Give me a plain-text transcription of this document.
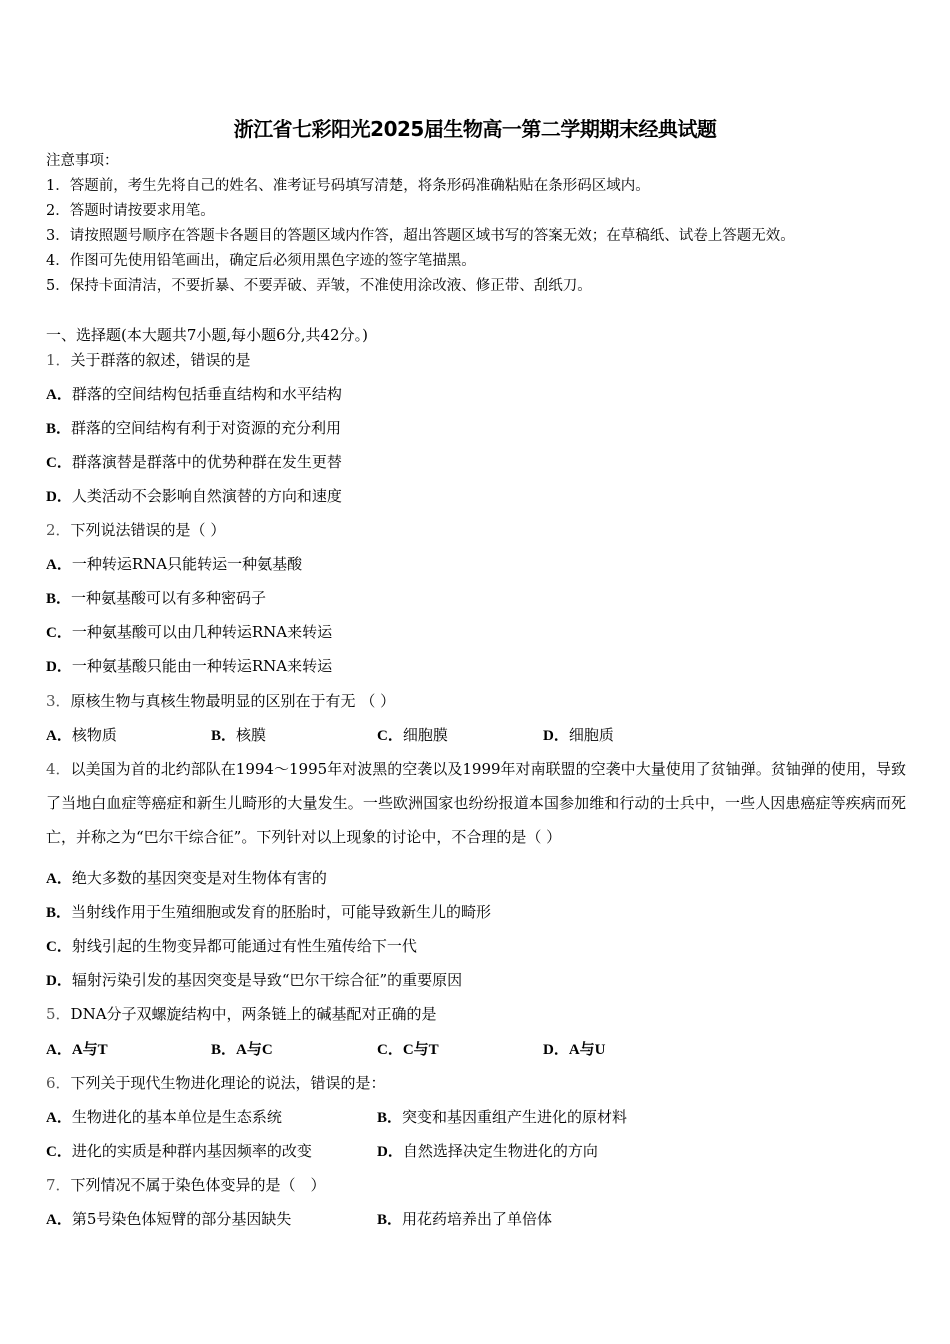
浙江省七彩阳光2025届生物高一第二学期期末经典试题
注意事项：
1．答题前，考生先将自己的姓名、准考证号码填写清楚，将条形码准确粘贴在条形码区域内。
2．答题时请按要求用笔。
3．请按照题号顺序在答题卡各题目的答题区域内作答，超出答题区域书写的答案无效；在草稿纸、试卷上答题无效。
4．作图可先使用铅笔画出，确定后必须用黑色字迹的签字笔描黑。
5．保持卡面清洁，不要折暴、不要弄破、弄皱，不准使用涂改液、修正带、刮纸刀。
一、选择题(本大题共7小题,每小题6分,共42分。)
1．关于群落的叙述，错误的是
A．群落的空间结构包括垂直结构和水平结构
B．群落的空间结构有利于对资源的充分利用
C．群落演替是群落中的优势种群在发生更替
D．人类活动不会影响自然演替的方向和速度
2．下列说法错误的是（ ）
A．一种转运RNA只能转运一种氨基酸
B．一种氨基酸可以有多种密码子
C．一种氨基酸可以由几种转运RNA来转运
D．一种氨基酸只能由一种转运RNA来转运
3．原核生物与真核生物最明显的区别在于有无 （ ）
A．核物质	B．核膜	C．细胞膜	D．细胞质
4．以美国为首的北约部队在1994～1995年对波黑的空袭以及1999年对南联盟的空袭中大量使用了贫铀弹。贫铀弹的使用，导致了当地白血症等癌症和新生儿畸形的大量发生。一些欧洲国家也纷纷报道本国参加维和行动的士兵中，一些人因患癌症等疾病而死亡，并称之为“巴尔干综合征”。下列针对以上现象的讨论中，不合理的是（ ）
A．绝大多数的基因突变是对生物体有害的
B．当射线作用于生殖细胞或发育的胚胎时，可能导致新生儿的畸形
C．射线引起的生物变异都可能通过有性生殖传给下一代
D．辐射污染引发的基因突变是导致“巴尔干综合征”的重要原因
5．DNA分子双螺旋结构中，两条链上的碱基配对正确的是
A．A与T	B．A与C	C．C与T	D．A与U
6．下列关于现代生物进化理论的说法，错误的是：
A．生物进化的基本单位是生态系统	B．突变和基因重组产生进化的原材料
C．进化的实质是种群内基因频率的改变	D．自然选择决定生物进化的方向
7．下列情况不属于染色体变异的是（　）
A．第5号染色体短臂的部分基因缺失	B．用花药培养出了单倍体
